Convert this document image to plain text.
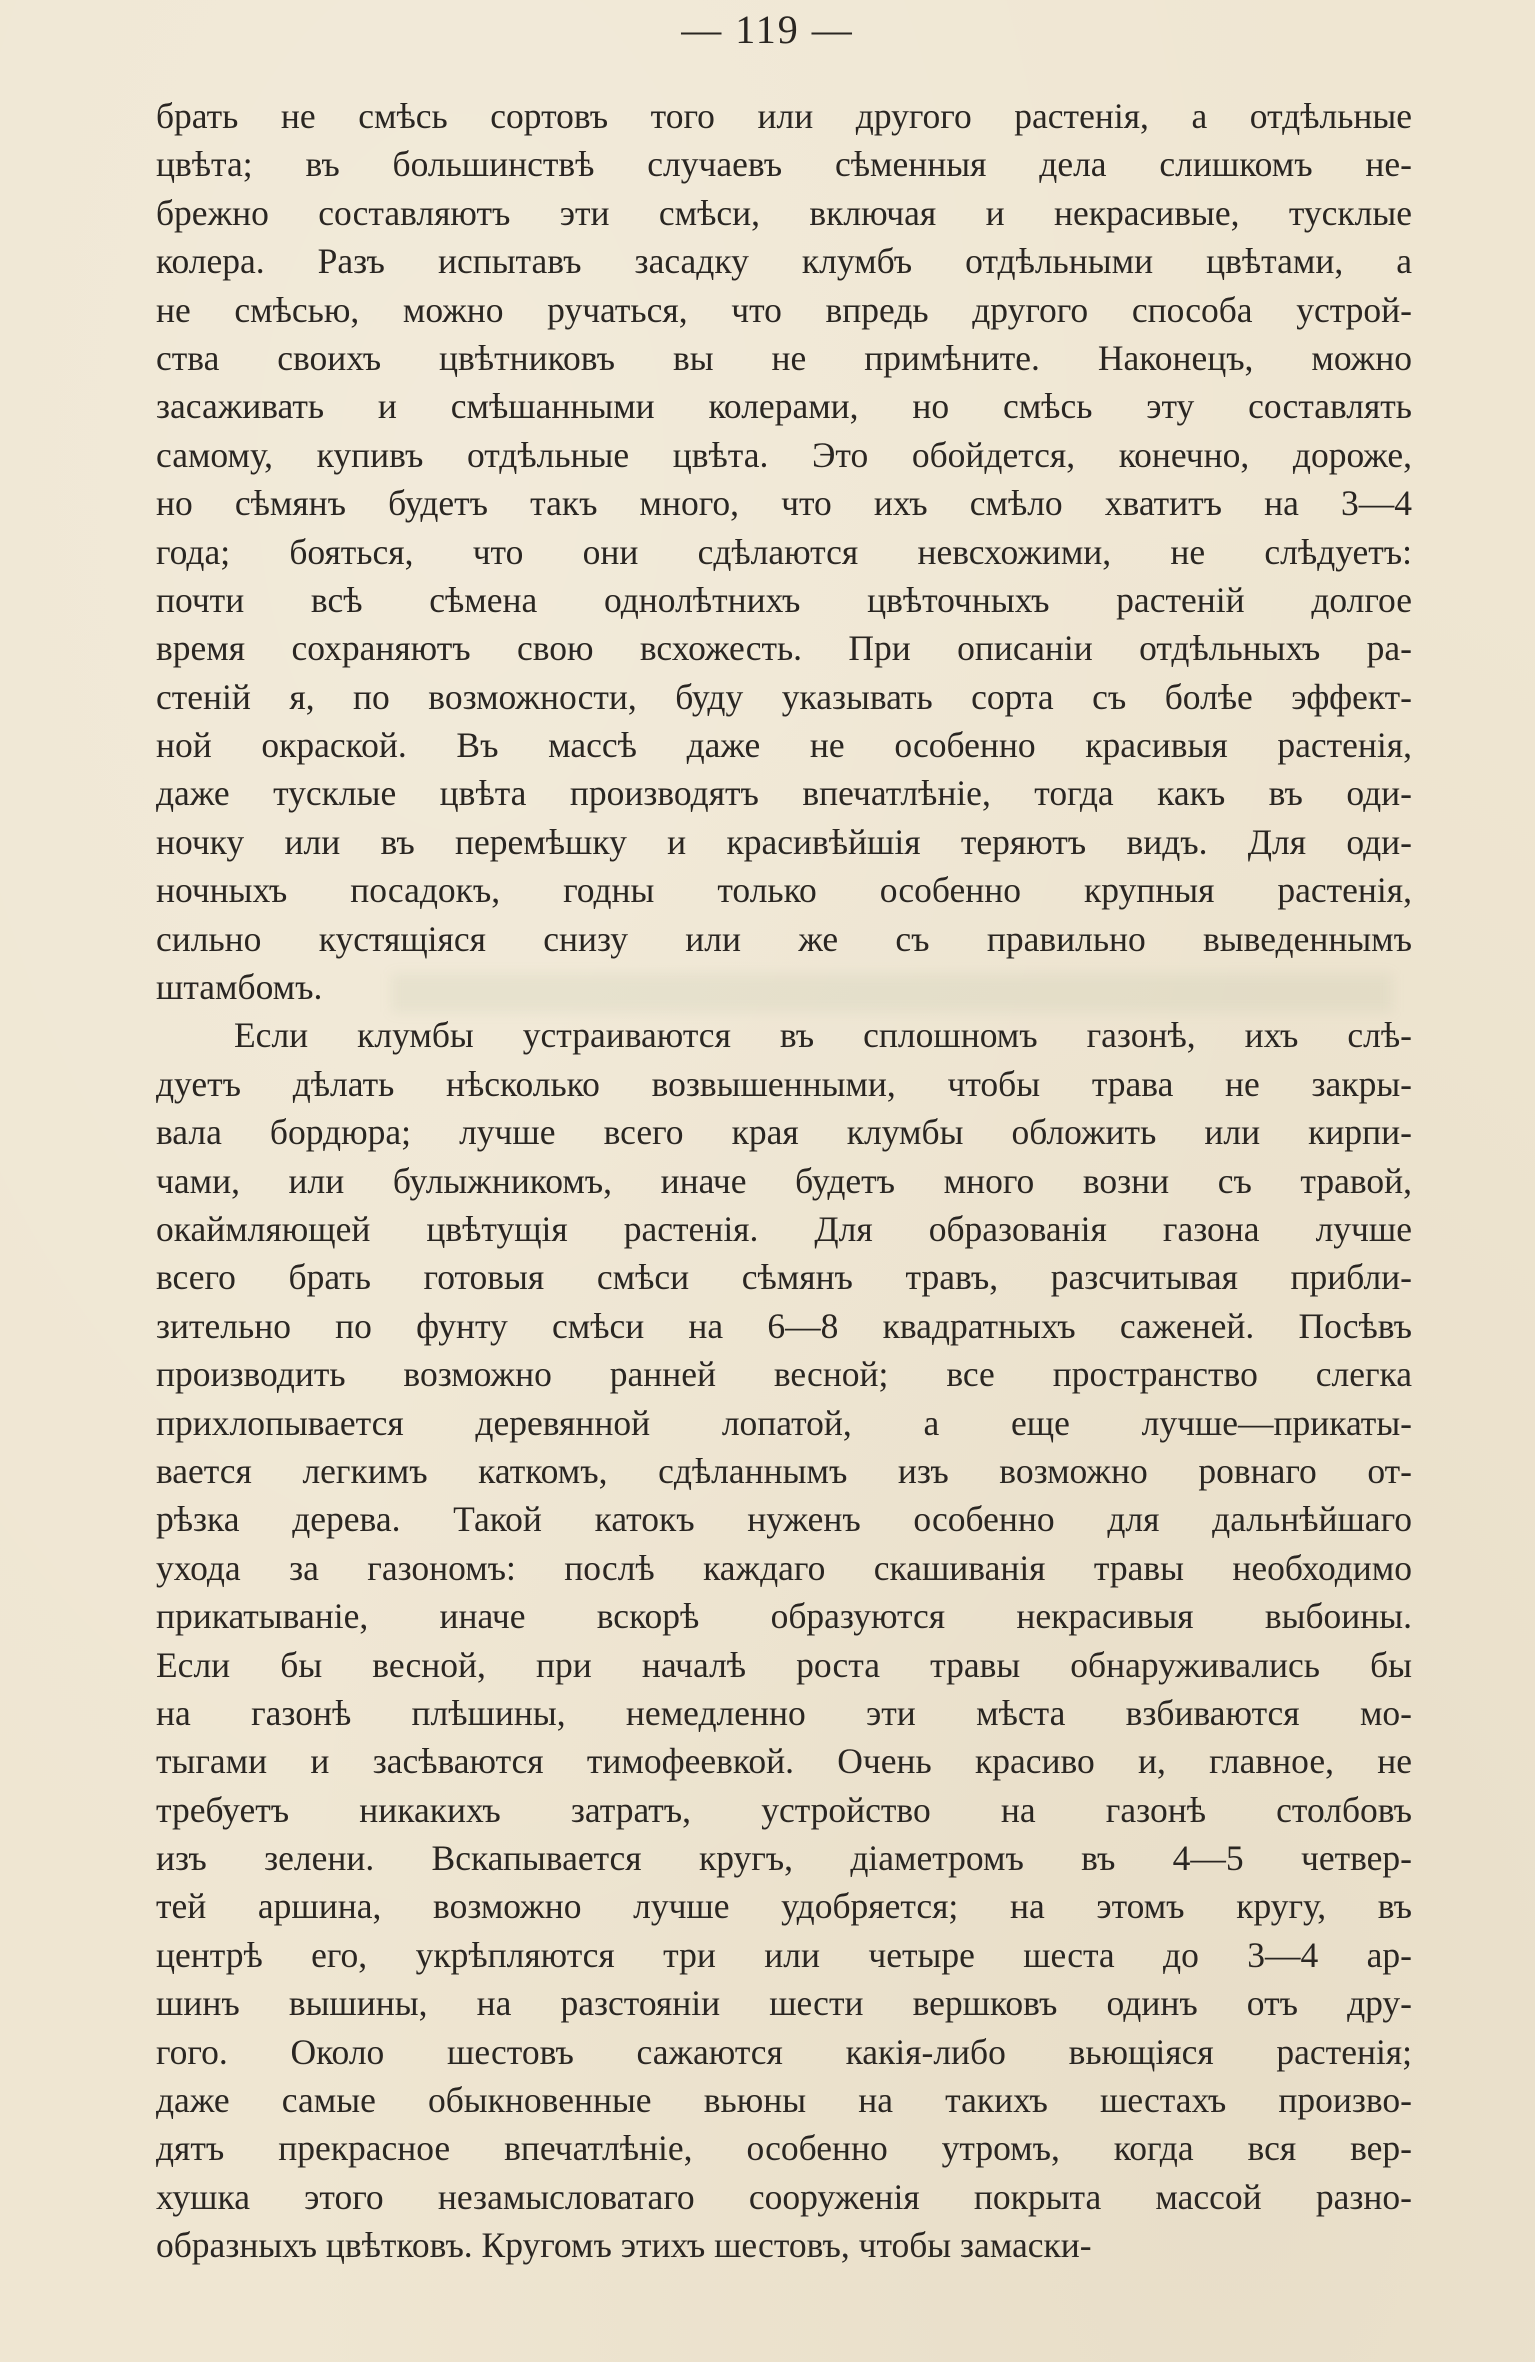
— 119 —
брать не смѣсь сортовъ того или другого растенія, а отдѣльные
цвѣта; въ большинствѣ случаевъ сѣменныя дела слишкомъ не-
брежно составляютъ эти смѣси, включая и некрасивые, тусклые
колера. Разъ испытавъ засадку клумбъ отдѣльными цвѣтами, а
не смѣсью, можно ручаться, что впредь другого способа устрой-
ства своихъ цвѣтниковъ вы не примѣните. Наконецъ, можно
засаживать и смѣшанными колерами, но смѣсь эту составлять
самому, купивъ отдѣльные цвѣта. Это обойдется, конечно, дороже,
но сѣмянъ будетъ такъ много, что ихъ смѣло хватитъ на 3—4
года; бояться, что они сдѣлаются невсхожими, не слѣдуетъ:
почти всѣ сѣмена однолѣтнихъ цвѣточныхъ растеній долгое
время сохраняютъ свою всхожесть. При описаніи отдѣльныхъ ра-
стеній я, по возможности, буду указывать сорта съ болѣе эффект-
ной окраской. Въ массѣ даже не особенно красивыя растенія,
даже тусклые цвѣта производятъ впечатлѣніе, тогда какъ въ оди-
ночку или въ перемѣшку и красивѣйшія теряютъ видъ. Для оди-
ночныхъ посадокъ, годны только особенно крупныя растенія,
сильно кустящіяся снизу или же съ правильно выведеннымъ
штамбомъ.
Если клумбы устраиваются въ сплошномъ газонѣ, ихъ слѣ-
дуетъ дѣлать нѣсколько возвышенными, чтобы трава не закры-
вала бордюра; лучше всего края клумбы обложить или кирпи-
чами, или булыжникомъ, иначе будетъ много возни съ травой,
окаймляющей цвѣтущія растенія. Для образованія газона лучше
всего брать готовыя смѣси сѣмянъ травъ, разсчитывая прибли-
зительно по фунту смѣси на 6—8 квадратныхъ саженей. Посѣвъ
производить возможно ранней весной; все пространство слегка
прихлопывается деревянной лопатой, а еще лучше—прикаты-
вается легкимъ каткомъ, сдѣланнымъ изъ возможно ровнаго от-
рѣзка дерева. Такой катокъ нуженъ особенно для дальнѣйшаго
ухода за газономъ: послѣ каждаго скашиванія травы необходимо
прикатываніе, иначе вскорѣ образуются некрасивыя выбоины.
Если бы весной, при началѣ роста травы обнаруживались бы
на газонѣ плѣшины, немедленно эти мѣста взбиваются мо-
тыгами и засѣваются тимофеевкой. Очень красиво и, главное, не
требуетъ никакихъ затратъ, устройство на газонѣ столбовъ
изъ зелени. Вскапывается кругъ, діаметромъ въ 4—5 четвер-
тей аршина, возможно лучше удобряется; на этомъ кругу, въ
центрѣ его, укрѣпляются три или четыре шеста до 3—4 ар-
шинъ вышины, на разстояніи шести вершковъ одинъ отъ дру-
гого. Около шестовъ сажаются какія-либо вьющіяся растенія;
даже самые обыкновенные вьюны на такихъ шестахъ произво-
дятъ прекрасное впечатлѣніе, особенно утромъ, когда вся вер-
хушка этого незамысловатаго сооруженія покрыта массой разно-
образныхъ цвѣтковъ. Кругомъ этихъ шестовъ, чтобы замаски-
